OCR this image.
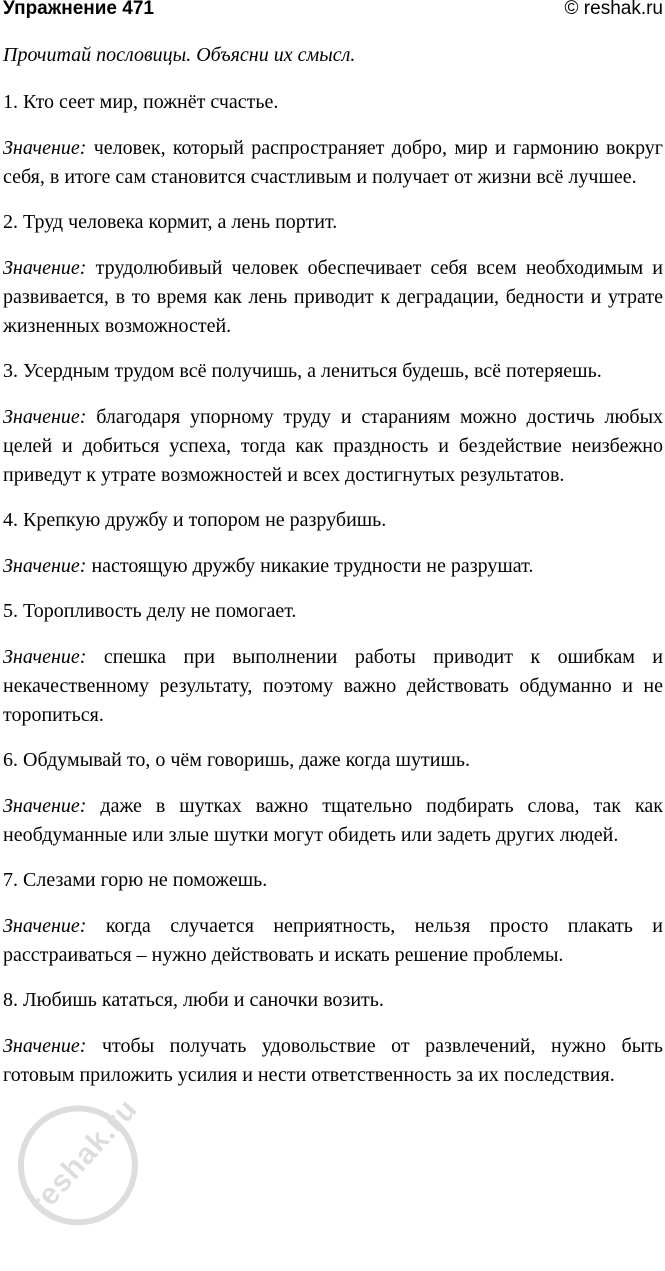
Упражнение 471	© reshak.ru
Прочитай пословицы. Объясни их смысл.

1. Кто сеет мир, пожнёт счастье.

Значение: человек, который распространяет добро, мир и гармонию вокруг себя, в итоге сам становится счастливым и получает от жизни всё лучшее.

2. Труд человека кормит, а лень портит.

Значение: трудолюбивый человек обеспечивает себя всем необходимым и развивается, в то время как лень приводит к деградации, бедности и утрате жизненных возможностей.

3. Усердным трудом всё получишь, а лениться будешь, всё потеряешь.

Значение: благодаря упорному труду и стараниям можно достичь любых целей и добиться успеха, тогда как праздность и бездействие неизбежно приведут к утрате возможностей и всех достигнутых результатов.

4. Крепкую дружбу и топором не разрубишь.

Значение: настоящую дружбу никакие трудности не разрушат.

5. Торопливость делу не помогает.

Значение: спешка при выполнении работы приводит к ошибкам и некачественному результату, поэтому важно действовать обдуманно и не торопиться.

6. Обдумывай то, о чём говоришь, даже когда шутишь.

Значение: даже в шутках важно тщательно подбирать слова, так как необдуманные или злые шутки могут обидеть или задеть других людей.

7. Слезами горю не поможешь.

Значение: когда случается неприятность, нельзя просто плакать и расстраиваться – нужно действовать и искать решение проблемы.

8. Любишь кататься, люби и саночки возить.

Значение: чтобы получать удовольствие от развлечений, нужно быть готовым приложить усилия и нести ответственность за их последствия.

reshak.ru
